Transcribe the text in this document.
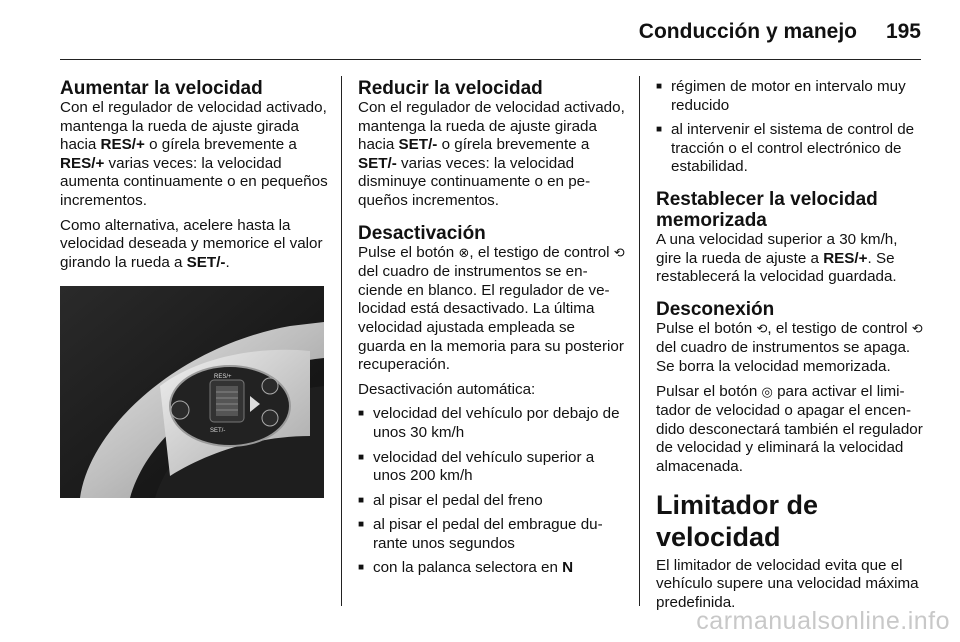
Conducción y manejo 195
Aumentar la velocidad

Con el regulador de velocidad activado, mantenga la rueda de ajuste girada hacia RES/+ o gírela brevemente a RES/+ varias veces: la velocidad aumenta continuamente o en pequeños incrementos.

Como alternativa, acelere hasta la velocidad deseada y memorice el valor girando la rueda a SET/-.

RES/+
SET/-
Reducir la velocidad

Con el regulador de velocidad activado, mantenga la rueda de ajuste girada hacia SET/- o gírela brevemente a SET/- varias veces: la velocidad disminuye continuamente o en pequeños incrementos.

Desactivación

Pulse el botón ⊗, el testigo de control ⟲ del cuadro de instrumentos se enciende en blanco. El regulador de velocidad está desactivado. La última velocidad ajustada empleada se guarda en la memoria para su posterior recuperación.

Desactivación automática:

■ velocidad del vehículo por debajo de unos 30 km/h
■ velocidad del vehículo superior a unos 200 km/h
■ al pisar el pedal del freno
■ al pisar el pedal del embrague durante unos segundos
■ con la palanca selectora en N
■ régimen de motor en intervalo muy reducido
■ al intervenir el sistema de control de tracción o el control electrónico de estabilidad.
Restablecer la velocidad memorizada

A una velocidad superior a 30 km/h, gire la rueda de ajuste a RES/+. Se restablecerá la velocidad guardada.

Desconexión

Pulse el botón ⟲, el testigo de control ⟲ del cuadro de instrumentos se apaga. Se borra la velocidad memorizada.

Pulsar el botón ◎ para activar el limitador de velocidad o apagar el encendido desconectará también el regulador de velocidad y eliminará la velocidad almacenada.

Limitador de velocidad

El limitador de velocidad evita que el vehículo supere una velocidad máxima predefinida.

carmanualsonline.info
